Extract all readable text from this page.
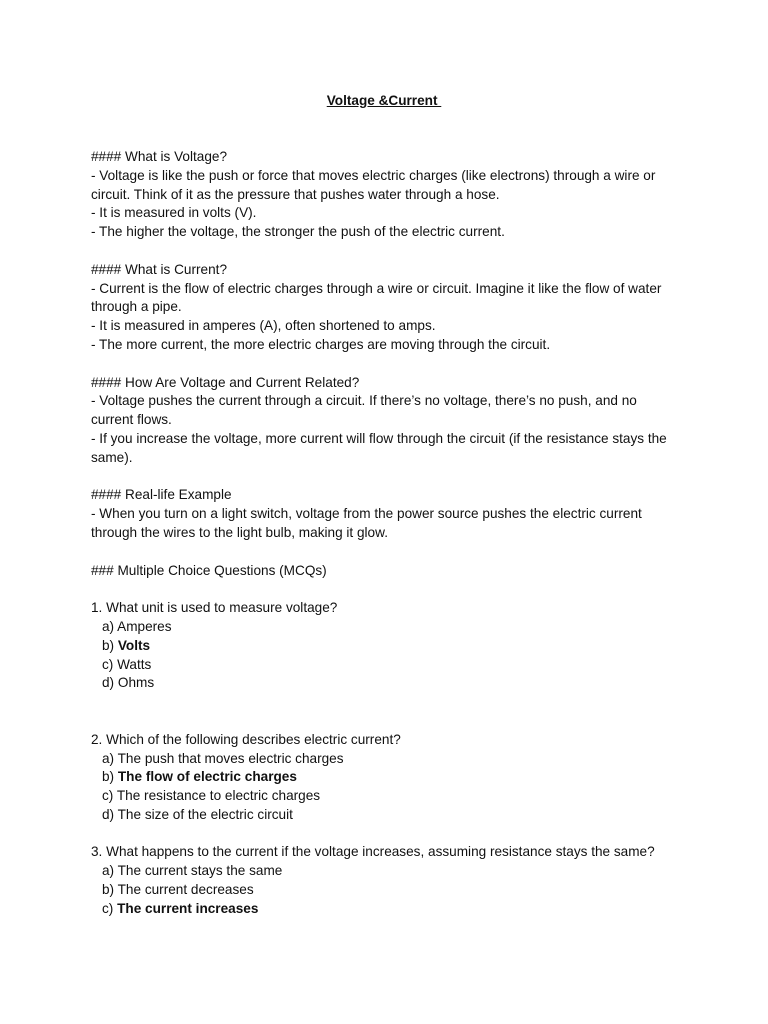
Voltage &Current
#### What is Voltage?
- Voltage is like the push or force that moves electric charges (like electrons) through a wire or
circuit. Think of it as the pressure that pushes water through a hose.
- It is measured in volts (V).
- The higher the voltage, the stronger the push of the electric current.
#### What is Current?
- Current is the flow of electric charges through a wire or circuit. Imagine it like the flow of water
through a pipe.
- It is measured in amperes (A), often shortened to amps.
- The more current, the more electric charges are moving through the circuit.
#### How Are Voltage and Current Related?
- Voltage pushes the current through a circuit. If there’s no voltage, there’s no push, and no
current flows.
- If you increase the voltage, more current will flow through the circuit (if the resistance stays the
same).
#### Real-life Example
- When you turn on a light switch, voltage from the power source pushes the electric current
through the wires to the light bulb, making it glow.
### Multiple Choice Questions (MCQs)
1. What unit is used to measure voltage?
a) Amperes
b) Volts
c) Watts
d) Ohms
2. Which of the following describes electric current?
a) The push that moves electric charges
b) The flow of electric charges
c) The resistance to electric charges
d) The size of the electric circuit
3. What happens to the current if the voltage increases, assuming resistance stays the same?
a) The current stays the same
b) The current decreases
c) The current increases
